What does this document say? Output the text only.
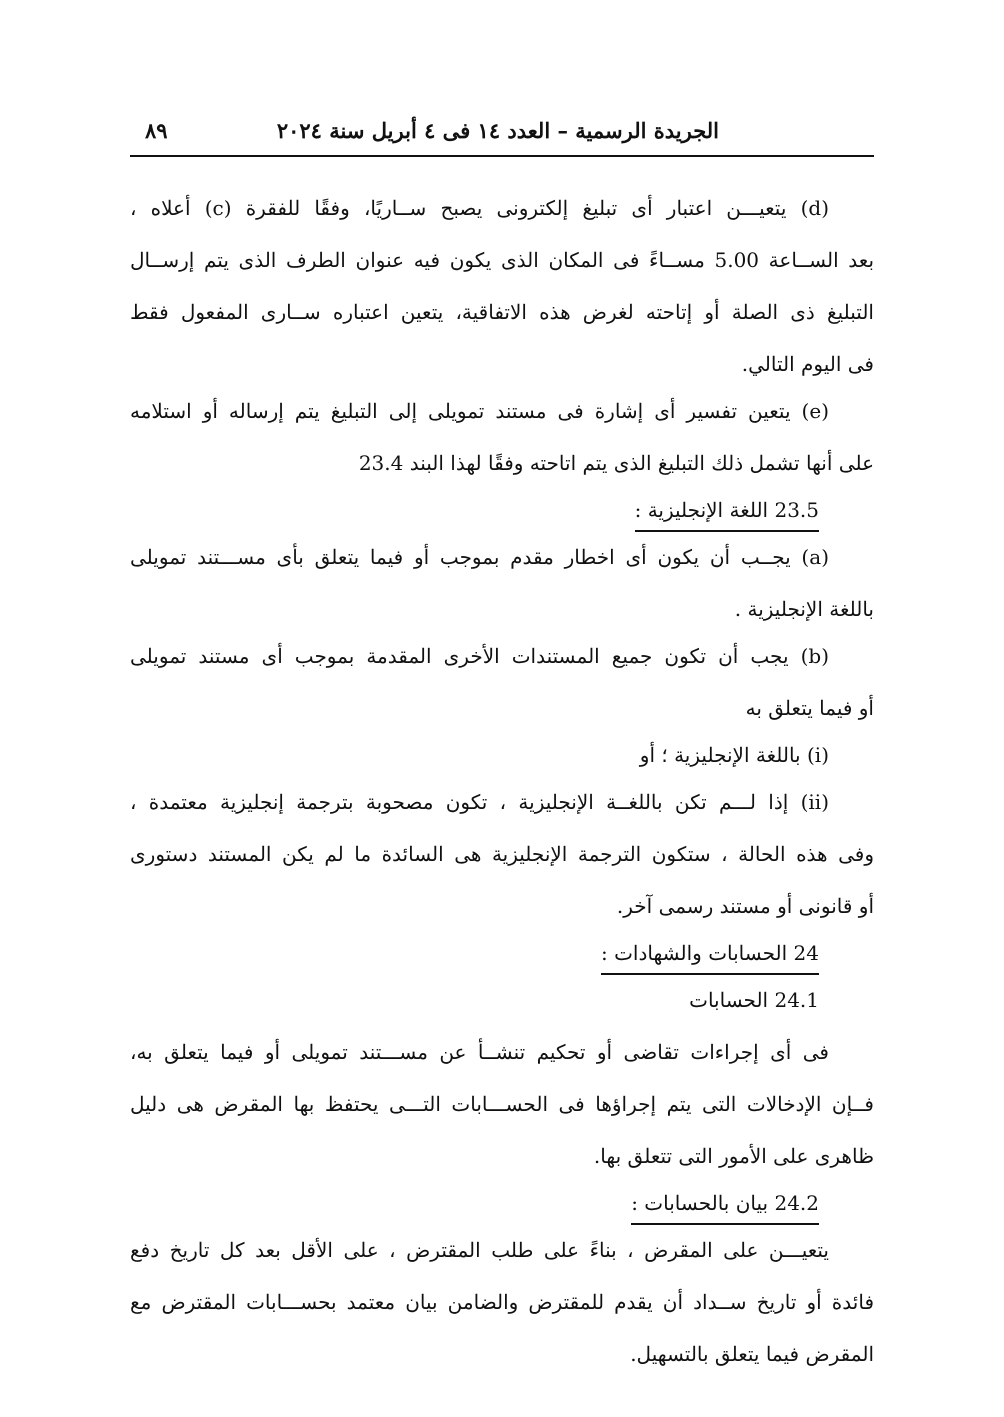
الجريدة الرسمية – العدد ١٤ فى ٤ أبريل سنة ٢٠٢٤
٨٩
(d) يتعيـــن اعتبار أى تبليغ إلكترونى يصبح ســاريًا، وفقًا للفقرة (c) أعلاه ،
بعد الســاعة 5.00 مســاءً فى المكان الذى يكون فيه عنوان الطرف الذى يتم إرســال
التبليغ ذى الصلة أو إتاحته لغرض هذه الاتفاقية، يتعين اعتباره ســارى المفعول فقط
فى اليوم التالي.
(e) يتعين تفسير أى إشارة فى مستند تمويلى إلى التبليغ يتم إرساله أو استلامه
على أنها تشمل ذلك التبليغ الذى يتم اتاحته وفقًا لهذا البند 23.4
23.5 اللغة الإنجليزية :
(a) يجــب أن يكون أى اخطار مقدم بموجب أو فيما يتعلق بأى مســـتند تمويلى
باللغة الإنجليزية .
(b) يجب أن تكون جميع المستندات الأخرى المقدمة بموجب أى مستند تمويلى
أو فيما يتعلق به
(i) باللغة الإنجليزية ؛ أو
(ii) إذا لـــم تكن باللغــة الإنجليزية ، تكون مصحوبة بترجمة إنجليزية معتمدة ،
وفى هذه الحالة ، ستكون الترجمة الإنجليزية هى السائدة ما لم يكن المستند دستورى
أو قانونى أو مستند رسمى آخر.
24 الحسابات والشهادات :
24.1 الحسابات
فى أى إجراءات تقاضى أو تحكيم تنشــأ عن مســـتند تمويلى أو فيما يتعلق به،
فــإن الإدخالات التى يتم إجراؤها فى الحســـابات التـــى يحتفظ بها المقرض هى دليل
ظاهرى على الأمور التى تتعلق بها.
24.2 بيان بالحسابات :
يتعيـــن على المقرض ، بناءً على طلب المقترض ، على الأقل بعد كل تاريخ دفع
فائدة أو تاريخ ســداد أن يقدم للمقترض والضامن بيان معتمد بحســـابات المقترض مع
المقرض فيما يتعلق بالتسهيل.
